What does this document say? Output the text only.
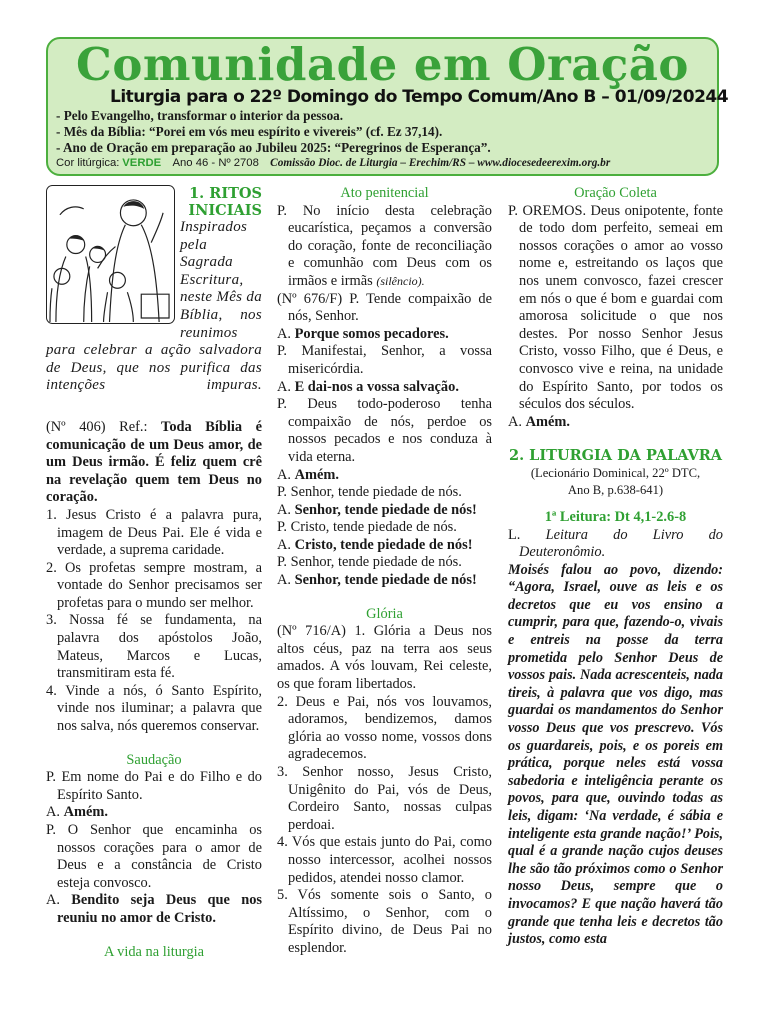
Comunidade em Oração
Liturgia para o 22º Domingo do Tempo Comum/Ano B – 01/09/20244
- Pelo Evangelho, transformar o interior da pessoa.
- Mês da Bíblia: “Porei em vós meu espírito e vivereis” (cf. Ez 37,14).
- Ano de Oração em preparação ao Jubileu 2025: “Peregrinos de Esperança”.
Cor litúrgica: VERDE Ano 46 - Nº 2708 Comissão Dioc. de Liturgia – Erechim/RS – www.diocesedeerexim.org.br
1. RITOS
INICIAIS

Inspirados pela Sagrada Escritura, neste Mês da Bíblia, nos reunimos para celebrar a ação salvadora de Deus, que nos purifica das intenções impuras.

(Nº 406) Ref.: Toda Bíblia é comunicação de um Deus amor, de um Deus irmão. É feliz quem crê na revelação quem tem Deus no coração.

1. Jesus Cristo é a palavra pura, imagem de Deus Pai. Ele é vida e verdade, a suprema caridade.

2. Os profetas sempre mostram, a vontade do Senhor precisamos ser profetas para o mundo ser melhor.

3. Nossa fé se fundamenta, na palavra dos apóstolos João, Mateus, Marcos e Lucas, transmitiram esta fé.

4. Vinde a nós, ó Santo Espírito, vinde nos iluminar; a palavra que nos salva, nós queremos conservar.

Saudação

P. Em nome do Pai e do Filho e do Espírito Santo.

A. Amém.

P. O Senhor que encaminha os nossos corações para o amor de Deus e a constância de Cristo esteja convosco.

A. Bendito seja Deus que nos reuniu no amor de Cristo.

A vida na liturgia

Ato penitencial

P. No início desta celebração eucarística, peçamos a conversão do coração, fonte de reconciliação e comunhão com Deus com os irmãos e irmãs (silêncio).

(Nº 676/F) P. Tende compaixão de nós, Senhor.

A. Porque somos pecadores.

P. Manifestai, Senhor, a vossa misericórdia.

A. E dai-nos a vossa salvação.

P. Deus todo-poderoso tenha compaixão de nós, perdoe os nossos pecados e nos conduza à vida eterna.

A. Amém.

P. Senhor, tende piedade de nós.

A. Senhor, tende piedade de nós!

P. Cristo, tende piedade de nós.

A. Cristo, tende piedade de nós!

P. Senhor, tende piedade de nós.

A. Senhor, tende piedade de nós!

Glória

(Nº 716/A) 1. Glória a Deus nos altos céus, paz na terra aos seus amados. A vós louvam, Rei celeste, os que foram libertados.

2. Deus e Pai, nós vos louvamos, adoramos, bendizemos, damos glória ao vosso nome, vossos dons agradecemos.

3. Senhor nosso, Jesus Cristo, Unigênito do Pai, vós de Deus, Cordeiro Santo, nossas culpas perdoai.

4. Vós que estais junto do Pai, como nosso intercessor, acolhei nossos pedidos, atendei nosso clamor.

5. Vós somente sois o Santo, o Altíssimo, o Senhor, com o Espírito divino, de Deus Pai no esplendor.

Oração Coleta

P. OREMOS. Deus onipotente, fonte de todo dom perfeito, semeai em nossos corações o amor ao vosso nome e, estreitando os laços que nos unem convosco, fazei crescer em nós o que é bom e guardai com amorosa solicitude o que nos destes. Por nosso Senhor Jesus Cristo, vosso Filho, que é Deus, e convosco vive e reina, na unidade do Espírito Santo, por todos os séculos dos séculos.

A. Amém.

2. LITURGIA DA PALAVRA

(Lecionário Dominical, 22º DTC, Ano B, p.638-641)

1ª Leitura: Dt 4,1-2.6-8

L. Leitura do Livro do Deuteronômio.

Moisés falou ao povo, dizendo: “Agora, Israel, ouve as leis e os decretos que eu vos ensino a cumprir, para que, fazendo-o, vivais e entreis na posse da terra prometida pelo Senhor Deus de vossos pais. Nada acrescenteis, nada tireis, à palavra que vos digo, mas guardai os mandamentos do Senhor vosso Deus que vos prescrevo. Vós os guardareis, pois, e os poreis em prática, porque neles está vossa sabedoria e inteligência perante os povos, para que, ouvindo todas as leis, digam: ‘Na verdade, é sábia e inteligente esta grande nação!’ Pois, qual é a grande nação cujos deuses lhe são tão próximos como o Senhor nosso Deus, sempre que o invocamos? E que nação haverá tão grande que tenha leis e decretos tão justos, como esta
